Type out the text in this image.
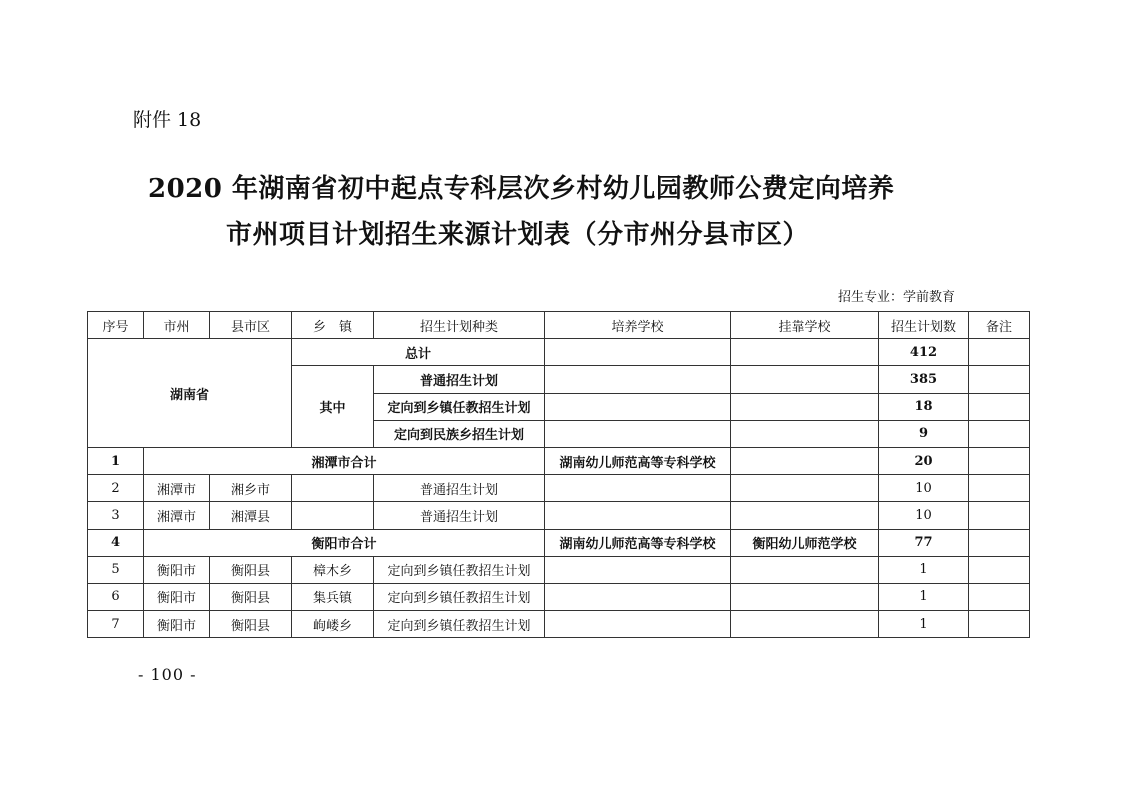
附件 18
2020 年湖南省初中起点专科层次乡村幼儿园教师公费定向培养
市州项目计划招生来源计划表（分市州分县市区）
招生专业：学前教育
序号	市州	县市区	乡　镇	招生计划种类	培养学校	挂靠学校	招生计划数	备注
湖南省			总计				412	
			其中	普通招生计划			385	
				定向到乡镇任教招生计划			18	
				定向到民族乡招生计划			9	
1	湘潭市合计				湖南幼儿师范高等专科学校		20	
2	湘潭市	湘乡市		普通招生计划			10	
3	湘潭市	湘潭县		普通招生计划			10	
4	衡阳市合计				湖南幼儿师范高等专科学校	衡阳幼儿师范学校	77	
5	衡阳市	衡阳县	樟木乡	定向到乡镇任教招生计划			1	
6	衡阳市	衡阳县	集兵镇	定向到乡镇任教招生计划			1	
7	衡阳市	衡阳县	岣嵝乡	定向到乡镇任教招生计划			1	
- 100 -
